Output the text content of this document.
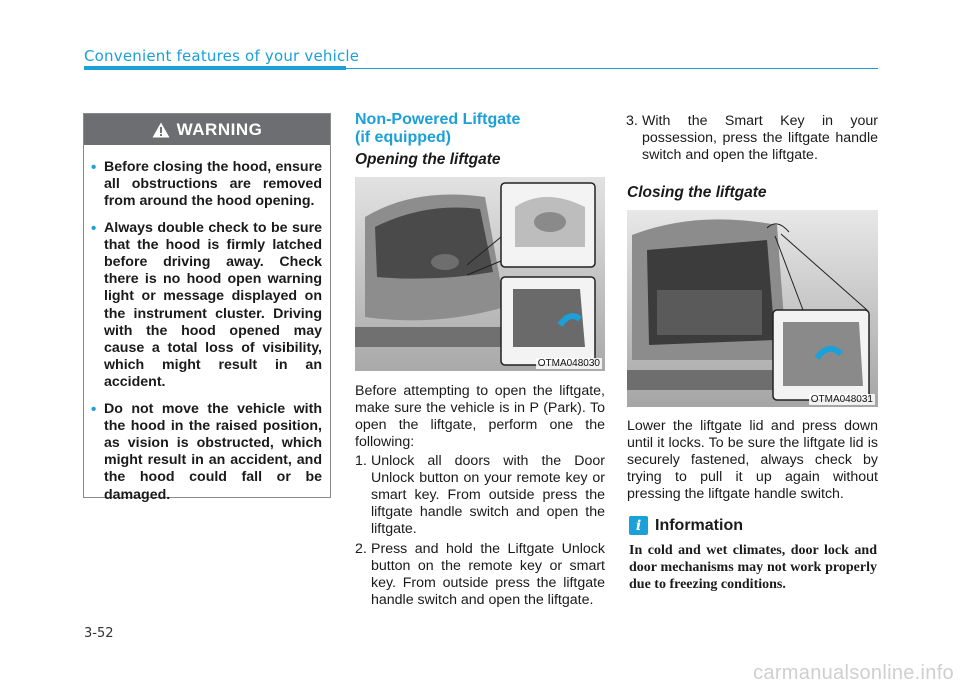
Convenient features of your vehicle
WARNING
• Before closing the hood, ensure all obstructions are removed from around the hood opening.
• Always double check to be sure that the hood is firmly latched before driving away. Check there is no hood open warning light or message displayed on the instrument cluster. Driving with the hood opened may cause a total loss of visibility, which might result in an accident.
• Do not move the vehicle with the hood in the raised position, as vision is obstructed, which might result in an accident, and the hood could fall or be damaged.
Non-Powered Liftgate
(if equipped)
Opening the liftgate
OTMA048030
Before attempting to open the liftgate, make sure the vehicle is in P (Park). To open the liftgate, perform one the following:
1. Unlock all doors with the Door Unlock button on your remote key or smart key. From outside press the liftgate handle switch and open the liftgate.
2. Press and hold the Liftgate Unlock button on the remote key or smart key. From outside press the liftgate handle switch and open the liftgate.
3. With the Smart Key in your possession, press the liftgate handle switch and open the liftgate.
Closing the liftgate
OTMA048031
Lower the liftgate lid and press down until it locks. To be sure the liftgate lid is securely fastened, always check by trying to pull it up again without pressing the liftgate handle switch.
i Information
In cold and wet climates, door lock and door mechanisms may not work properly due to freezing conditions.
3-52
carmanualsonline.info
